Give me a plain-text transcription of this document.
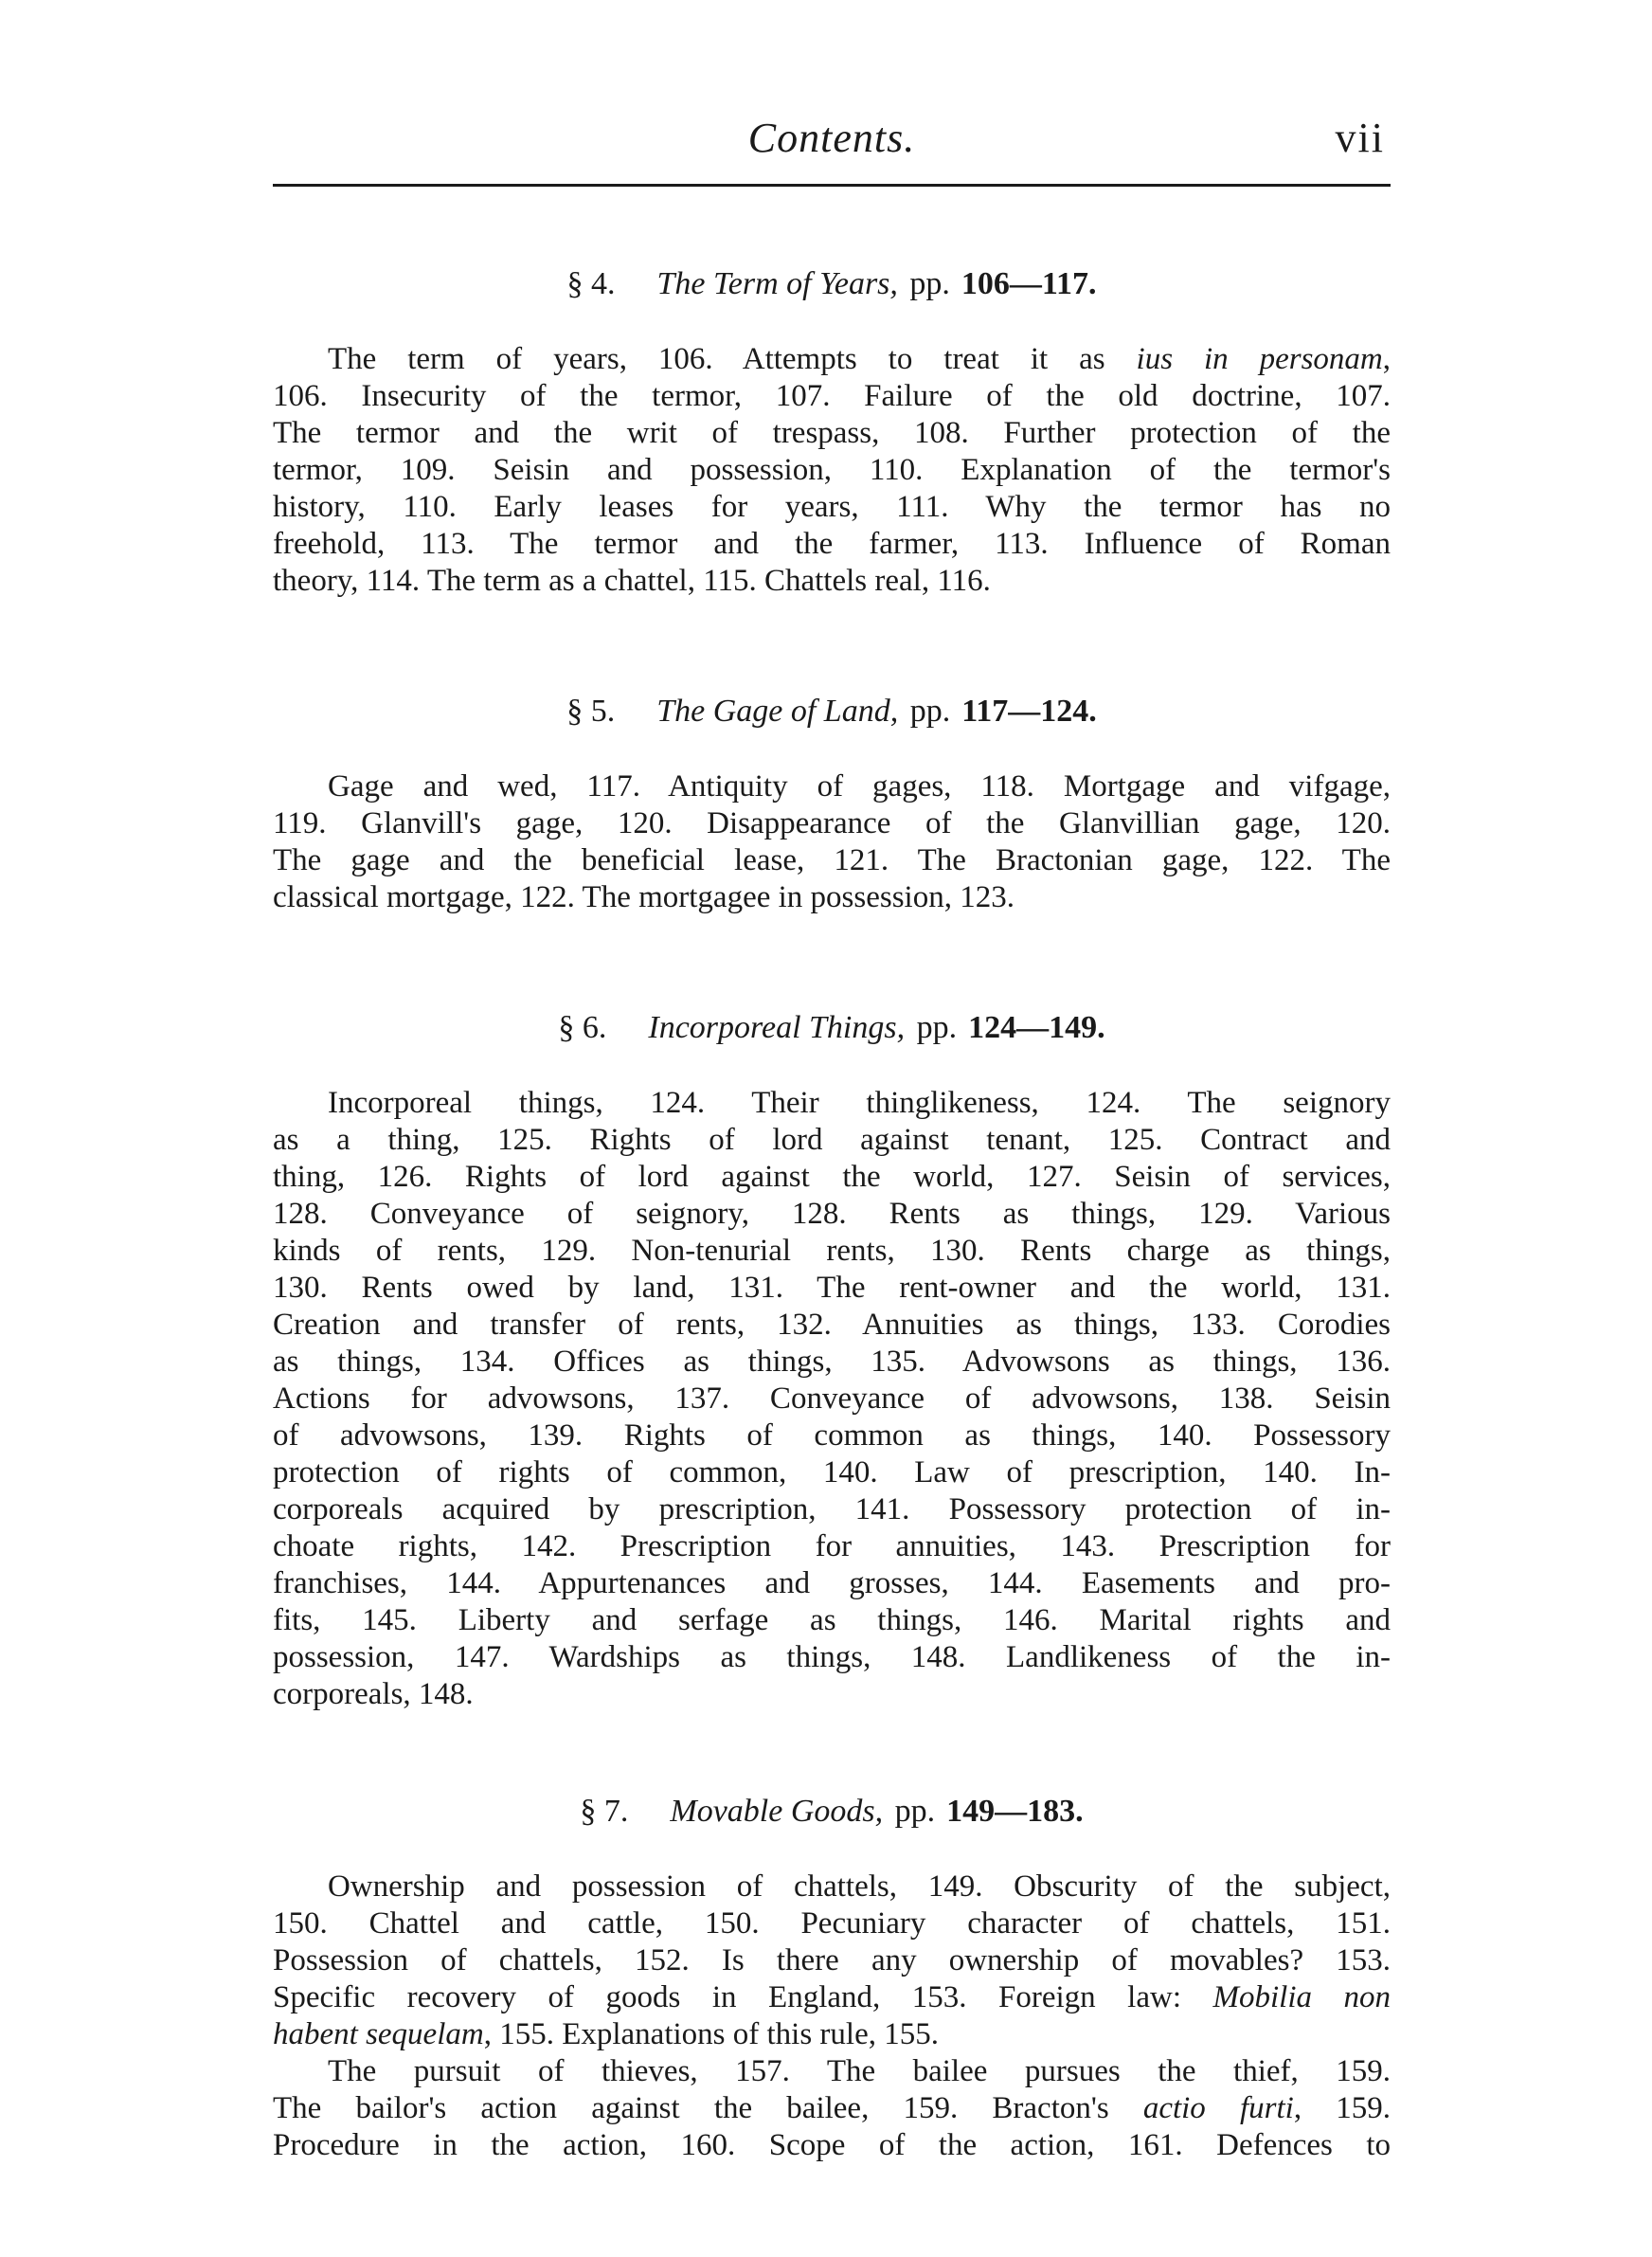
Contents.	vii
§ 4. The Term of Years, pp. 106—117.
The term of years, 106. Attempts to treat it as ius in personam,
106. Insecurity of the termor, 107. Failure of the old doctrine, 107.
The termor and the writ of trespass, 108. Further protection of the
termor, 109. Seisin and possession, 110. Explanation of the termor's
history, 110. Early leases for years, 111. Why the termor has no
freehold, 113. The termor and the farmer, 113. Influence of Roman
theory, 114. The term as a chattel, 115. Chattels real, 116.
§ 5. The Gage of Land, pp. 117—124.
Gage and wed, 117. Antiquity of gages, 118. Mortgage and vifgage,
119. Glanvill's gage, 120. Disappearance of the Glanvillian gage, 120.
The gage and the beneficial lease, 121. The Bractonian gage, 122. The
classical mortgage, 122. The mortgagee in possession, 123.
§ 6. Incorporeal Things, pp. 124—149.
Incorporeal things, 124. Their thinglikeness, 124. The seignory
as a thing, 125. Rights of lord against tenant, 125. Contract and
thing, 126. Rights of lord against the world, 127. Seisin of services,
128. Conveyance of seignory, 128. Rents as things, 129. Various
kinds of rents, 129. Non-tenurial rents, 130. Rents charge as things,
130. Rents owed by land, 131. The rent-owner and the world, 131.
Creation and transfer of rents, 132. Annuities as things, 133. Corodies
as things, 134. Offices as things, 135. Advowsons as things, 136.
Actions for advowsons, 137. Conveyance of advowsons, 138. Seisin
of advowsons, 139. Rights of common as things, 140. Possessory
protection of rights of common, 140. Law of prescription, 140. In-
corporeals acquired by prescription, 141. Possessory protection of in-
choate rights, 142. Prescription for annuities, 143. Prescription for
franchises, 144. Appurtenances and grosses, 144. Easements and pro-
fits, 145. Liberty and serfage as things, 146. Marital rights and
possession, 147. Wardships as things, 148. Landlikeness of the in-
corporeals, 148.
§ 7. Movable Goods, pp. 149—183.
Ownership and possession of chattels, 149. Obscurity of the subject,
150. Chattel and cattle, 150. Pecuniary character of chattels, 151.
Possession of chattels, 152. Is there any ownership of movables? 153.
Specific recovery of goods in England, 153. Foreign law: Mobilia non
habent sequelam, 155. Explanations of this rule, 155.
The pursuit of thieves, 157. The bailee pursues the thief, 159.
The bailor's action against the bailee, 159. Bracton's actio furti, 159.
Procedure in the action, 160. Scope of the action, 161. Defences to
